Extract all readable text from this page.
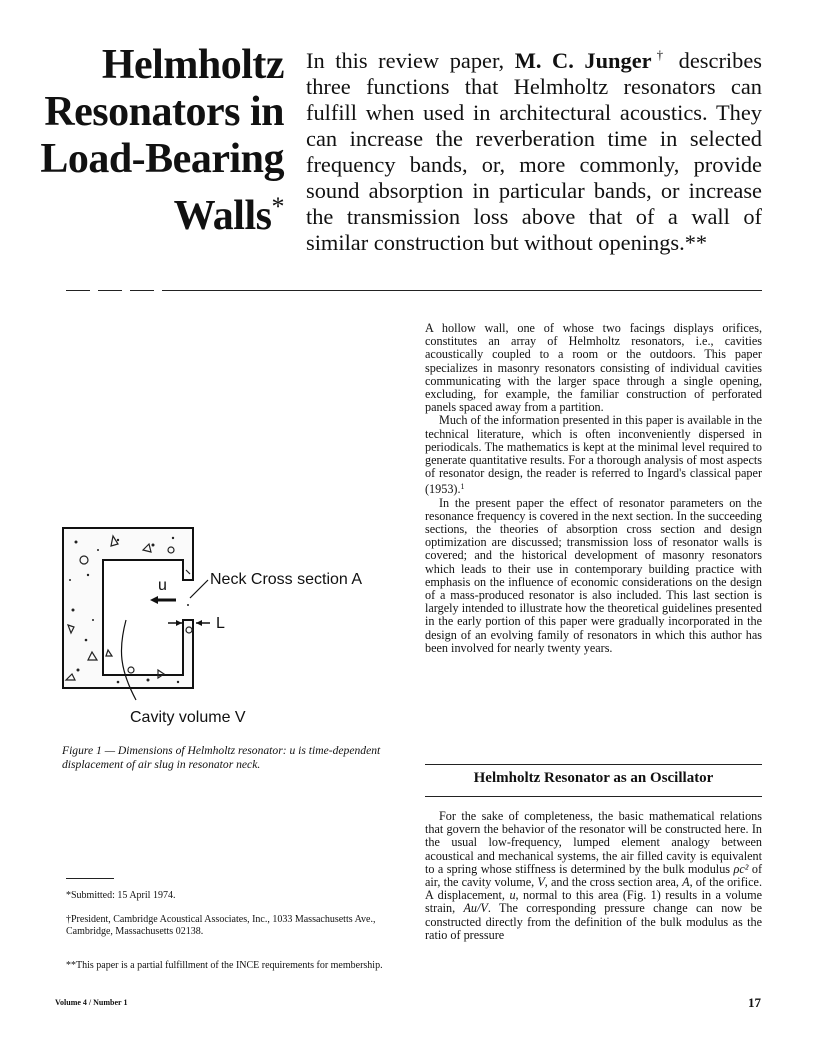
Helmholtz
Resonators in
Load-Bearing
Walls*
In this review paper, M. C. Junger† describes three functions that Helmholtz resonators can fulfill when used in architectural acoustics. They can increase the reverberation time in selected frequency bands, or, more commonly, provide sound absorption in particular bands, or increase the transmission loss above that of a wall of similar construction but without openings.**

A hollow wall, one of whose two facings displays orifices, constitutes an array of Helmholtz resonators, i.e., cavities acoustically coupled to a room or the outdoors. This paper specializes in masonry resonators consisting of individual cavities communicating with the larger space through a single opening, excluding, for example, the familiar construction of perforated panels spaced away from a partition.

Much of the information presented in this paper is available in the technical literature, which is often inconveniently dispersed in periodicals. The mathematics is kept at the minimal level required to generate quantitative results. For a thorough analysis of most aspects of resonator design, the reader is referred to Ingard's classical paper (1953).$^1$

In the present paper the effect of resonator parameters on the resonance frequency is covered in the next section. In the succeeding sections, the theories of absorption cross section and design optimization are discussed; transmission loss of resonator walls is covered; and the historical development of masonry resonators which leads to their use in contemporary building practice with emphasis on the influence of economic considerations on the design of a mass-produced resonator is also included. This last section is largely intended to illustrate how the theoretical guidelines presented in the early portion of this paper were gradually incorporated in the design of an evolving family of resonators in which this author has been involved for nearly twenty years.

Helmholtz Resonator as an Oscillator
For the sake of completeness, the basic mathematical relations that govern the behavior of the resonator will be constructed here. In the usual low-frequency, lumped element analogy between acoustical and mechanical systems, the air filled cavity is equivalent to a spring whose stiffness is determined by the bulk modulus ρc² of air, the cavity volume, V, and the cross section area, A, of the orifice. A displacement, u, normal to this area (Fig. 1) results in a volume strain, Au/V. The corresponding pressure change can now be constructed directly from the definition of the bulk modulus as the ratio of pressure
u	Neck Cross section A
L
Cavity volume V
Figure 1 — Dimensions of Helmholtz resonator: u is time-dependent displacement of air slug in resonator neck.
*Submitted: 15 April 1974.
†President, Cambridge Acoustical Associates, Inc., 1033 Massachusetts Ave., Cambridge, Massachusetts 02138.
**This paper is a partial fulfillment of the INCE requirements for membership.
Volume 4 / Number 1	17
